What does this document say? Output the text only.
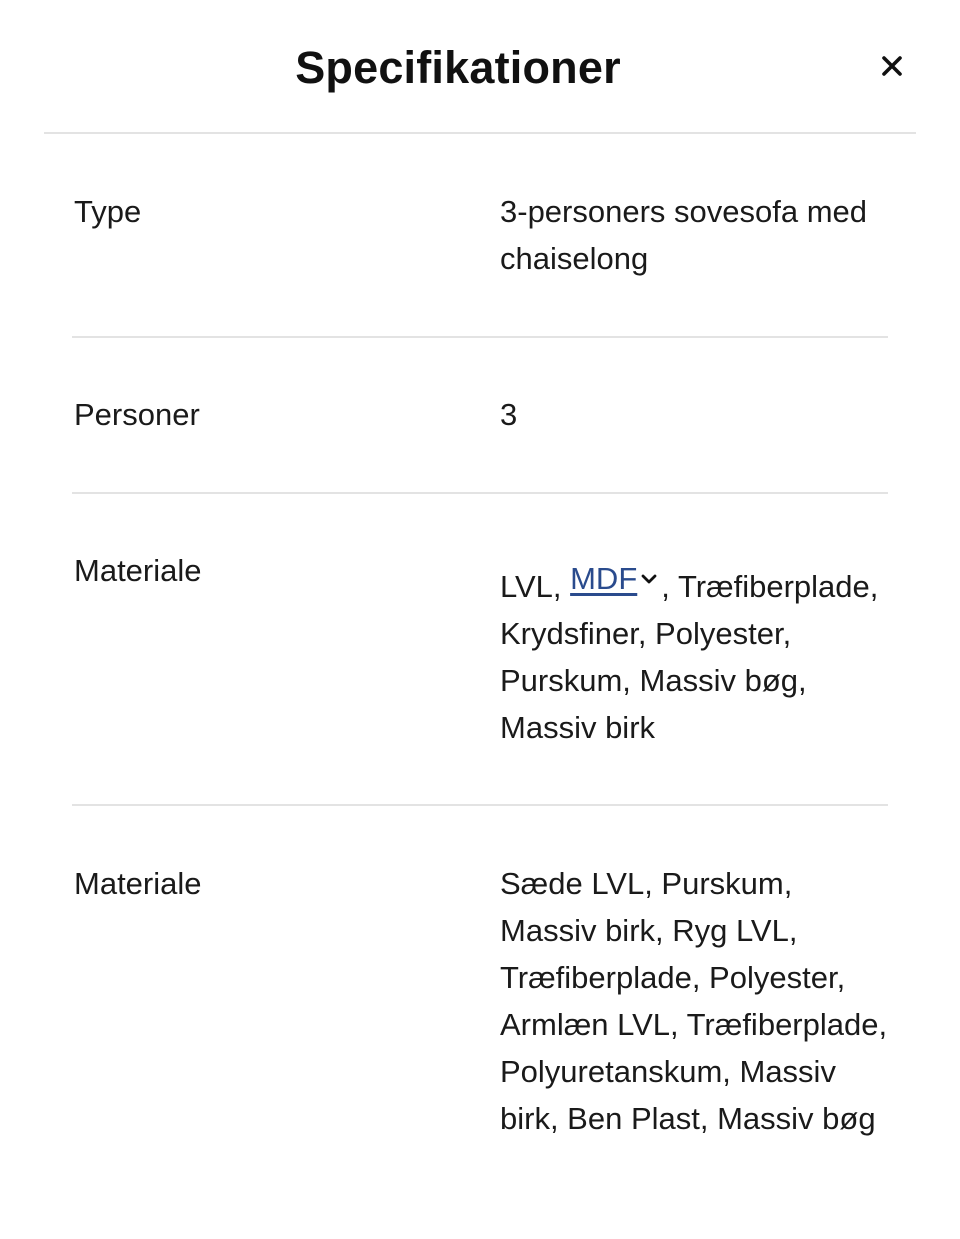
Specifikationer
Type	3-personers sovesofa med chaiselong
Personer	3
Materiale	LVL, MDF , Træfiberplade, Krydsfiner, Polyester, Purskum, Massiv bøg, Massiv birk
Materiale	Sæde LVL, Purskum, Massiv birk, Ryg LVL, Træfiberplade, Polyester, Armlæn LVL, Træfiberplade, Polyuretanskum, Massiv birk, Ben Plast, Massiv bøg
